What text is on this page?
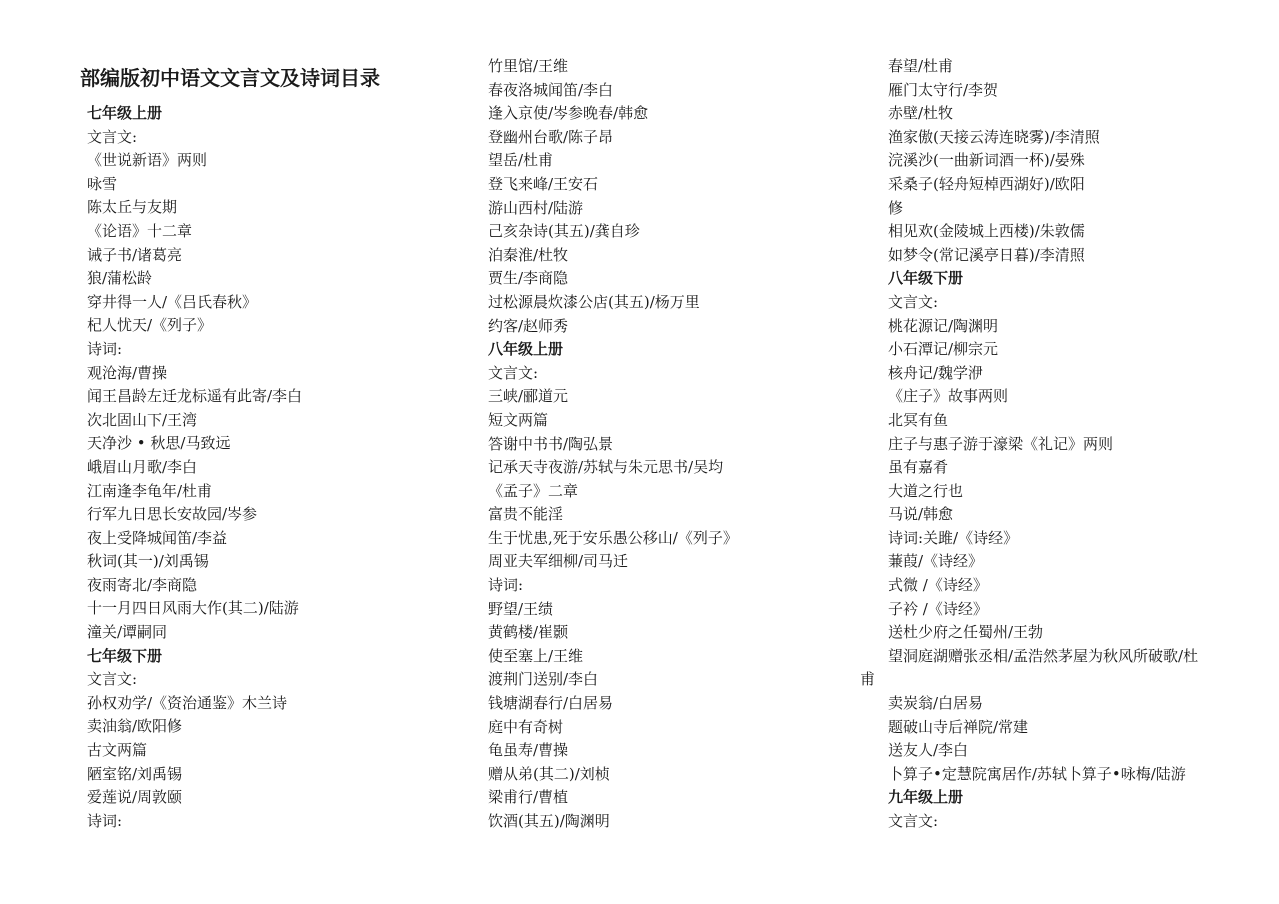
部编版初中语文文言文及诗词目录
七年级上册
文言文:
《世说新语》两则
咏雪
陈太丘与友期
《论语》十二章
诫子书/诸葛亮
狼/蒲松龄
穿井得一人/《吕氏春秋》
杞人忧天/《列子》
诗词:
观沧海/曹操
闻王昌龄左迁龙标遥有此寄/李白
次北固山下/王湾
天净沙 • 秋思/马致远
峨眉山月歌/李白
江南逢李龟年/杜甫
行军九日思长安故园/岑参
夜上受降城闻笛/李益
秋词(其一)/刘禹锡
夜雨寄北/李商隐
十一月四日风雨大作(其二)/陆游
潼关/谭嗣同
七年级下册
文言文:
孙权劝学/《资治通鉴》木兰诗
卖油翁/欧阳修
古文两篇
陋室铭/刘禹锡
爱莲说/周敦颐
诗词:
竹里馆/王维
春夜洛城闻笛/李白
逢入京使/岑参晚春/韩愈
登幽州台歌/陈子昂
望岳/杜甫
登飞来峰/王安石
游山西村/陆游
己亥杂诗(其五)/龚自珍
泊秦淮/杜牧
贾生/李商隐
过松源晨炊漆公店(其五)/杨万里
约客/赵师秀
八年级上册
文言文:
三峡/郦道元
短文两篇
答谢中书书/陶弘景
记承天寺夜游/苏轼与朱元思书/吴均
《孟子》二章
富贵不能淫
生于忧患,死于安乐愚公移山/《列子》
周亚夫军细柳/司马迁
诗词:
野望/王绩
黄鹤楼/崔颢
使至塞上/王维
渡荆门送别/李白
钱塘湖春行/白居易
庭中有奇树
龟虽寿/曹操
赠从弟(其二)/刘桢
梁甫行/曹植
饮酒(其五)/陶渊明
春望/杜甫
雁门太守行/李贺
赤壁/杜牧
渔家傲(天接云涛连晓雾)/李清照
浣溪沙(一曲新词酒一杯)/晏殊
采桑子(轻舟短棹西湖好)/欧阳
修
相见欢(金陵城上西楼)/朱敦儒
如梦令(常记溪亭日暮)/李清照
八年级下册
文言文:
桃花源记/陶渊明
小石潭记/柳宗元
核舟记/魏学洢
《庄子》故事两则
北冥有鱼
庄子与惠子游于濠梁《礼记》两则
虽有嘉肴
大道之行也
马说/韩愈
诗词:关雎/《诗经》
蒹葭/《诗经》
式微 /《诗经》
子衿 /《诗经》
送杜少府之任蜀州/王勃
望洞庭湖赠张丞相/孟浩然茅屋为秋风所破歌/杜
甫
卖炭翁/白居易
题破山寺后禅院/常建
送友人/李白
卜算子•定慧院寓居作/苏轼卜算子•咏梅/陆游
九年级上册
文言文:
